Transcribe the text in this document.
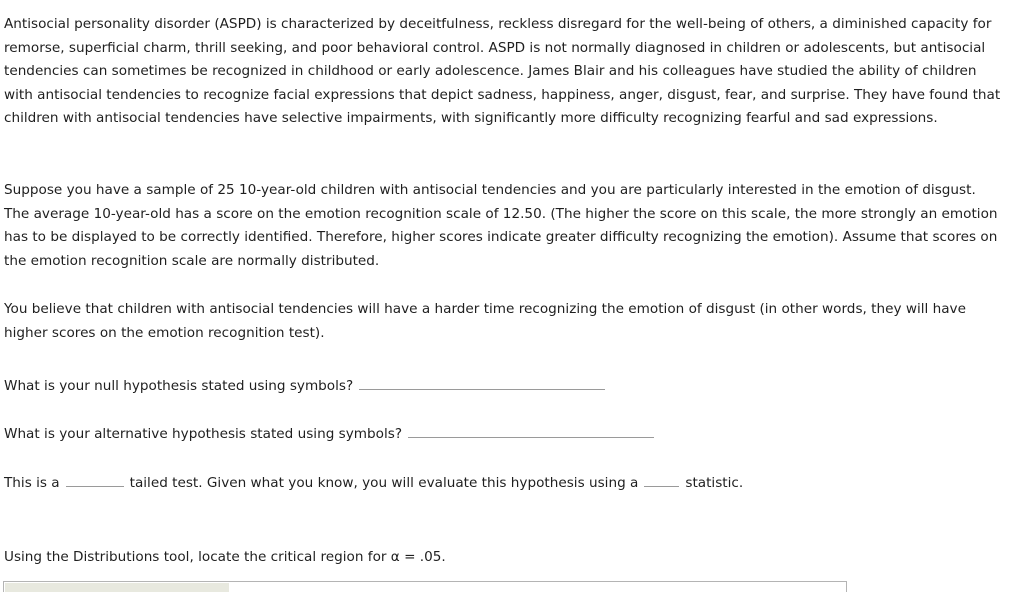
Antisocial personality disorder (ASPD) is characterized by deceitfulness, reckless disregard for the well-being of others, a diminished capacity for remorse, superficial charm, thrill seeking, and poor behavioral control. ASPD is not normally diagnosed in children or adolescents, but antisocial tendencies can sometimes be recognized in childhood or early adolescence. James Blair and his colleagues have studied the ability of children with antisocial tendencies to recognize facial expressions that depict sadness, happiness, anger, disgust, fear, and surprise. They have found that children with antisocial tendencies have selective impairments, with significantly more difficulty recognizing fearful and sad expressions.

Suppose you have a sample of 25 10-year-old children with antisocial tendencies and you are particularly interested in the emotion of disgust. The average 10-year-old has a score on the emotion recognition scale of 12.50. (The higher the score on this scale, the more strongly an emotion has to be displayed to be correctly identified. Therefore, higher scores indicate greater difficulty recognizing the emotion). Assume that scores on the emotion recognition scale are normally distributed.

You believe that children with antisocial tendencies will have a harder time recognizing the emotion of disgust (in other words, they will have higher scores on the emotion recognition test).

What is your null hypothesis stated using symbols?
What is your alternative hypothesis stated using symbols?
This is a	tailed test. Given what you know, you will evaluate this hypothesis using a	statistic.
Using the Distributions tool, locate the critical region for α = .05.
